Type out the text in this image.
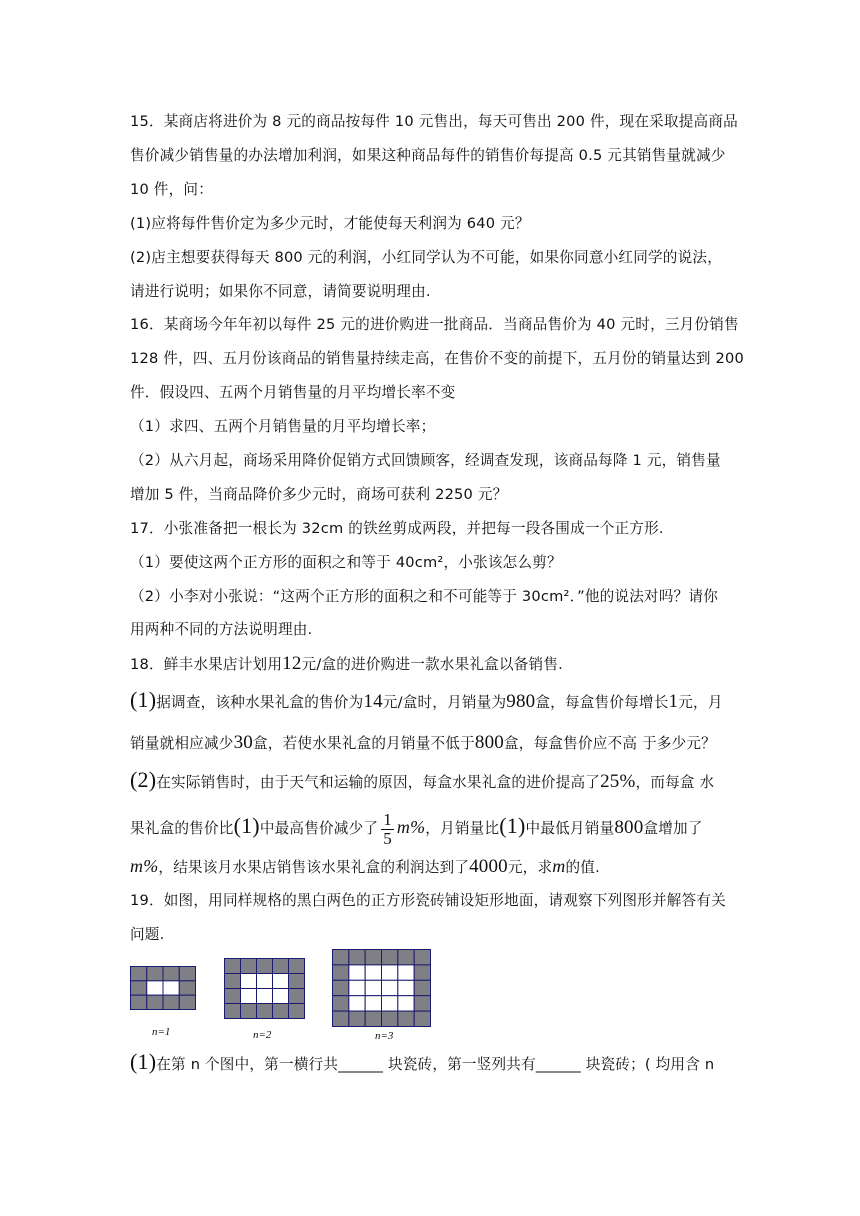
15．某商店将进价为 8 元的商品按每件 10 元售出，每天可售出 200 件，现在采取提高商品
售价减少销售量的办法增加利润，如果这种商品每件的销售价每提高 0.5 元其销售量就减少
10 件，问：
(1)应将每件售价定为多少元时，才能使每天利润为 640 元？
(2)店主想要获得每天 800 元的利润，小红同学认为不可能，如果你同意小红同学的说法，
请进行说明；如果你不同意，请简要说明理由.
16．某商场今年年初以每件 25 元的进价购进一批商品．当商品售价为 40 元时，三月份销售
128 件，四、五月份该商品的销售量持续走高，在售价不变的前提下，五月份的销量达到 200
件．假设四、五两个月销售量的月平均增长率不变
（1）求四、五两个月销售量的月平均增长率；
（2）从六月起，商场采用降价促销方式回馈顾客，经调查发现，该商品每降 1 元，销售量
增加 5 件，当商品降价多少元时，商场可获利 2250 元？
17．小张准备把一根长为 32cm 的铁丝剪成两段，并把每一段各围成一个正方形.
（1）要使这两个正方形的面积之和等于 40cm²，小张该怎么剪？
（2）小李对小张说：“这两个正方形的面积之和不可能等于 30cm²．”他的说法对吗？请你
用两种不同的方法说明理由.
18．鲜丰水果店计划用12元/盒的进价购进一款水果礼盒以备销售.
(1)据调查，该种水果礼盒的售价为14元/盒时，月销量为980盒，每盒售价每增长1元，月
销量就相应减少30盒，若使水果礼盒的月销量不低于800盒，每盒售价应不高 于多少元？
(2)在实际销售时，由于天气和运输的原因，每盒水果礼盒的进价提高了25%，而每盒 水
果礼盒的售价比(1)中最高售价减少了 $\frac{1}{5} m\%$，月销量比(1)中最低月销量800盒增加了
m%，结果该月水果店销售该水果礼盒的利润达到了4000元，求m的值.
19．如图，用同样规格的黑白两色的正方形瓷砖铺设矩形地面，请观察下列图形并解答有关
问题.
n=1	n=2	n=3
(1)在第 n 个图中，第一横行共______ 块瓷砖，第一竖列共有______ 块瓷砖；( 均用含 n
